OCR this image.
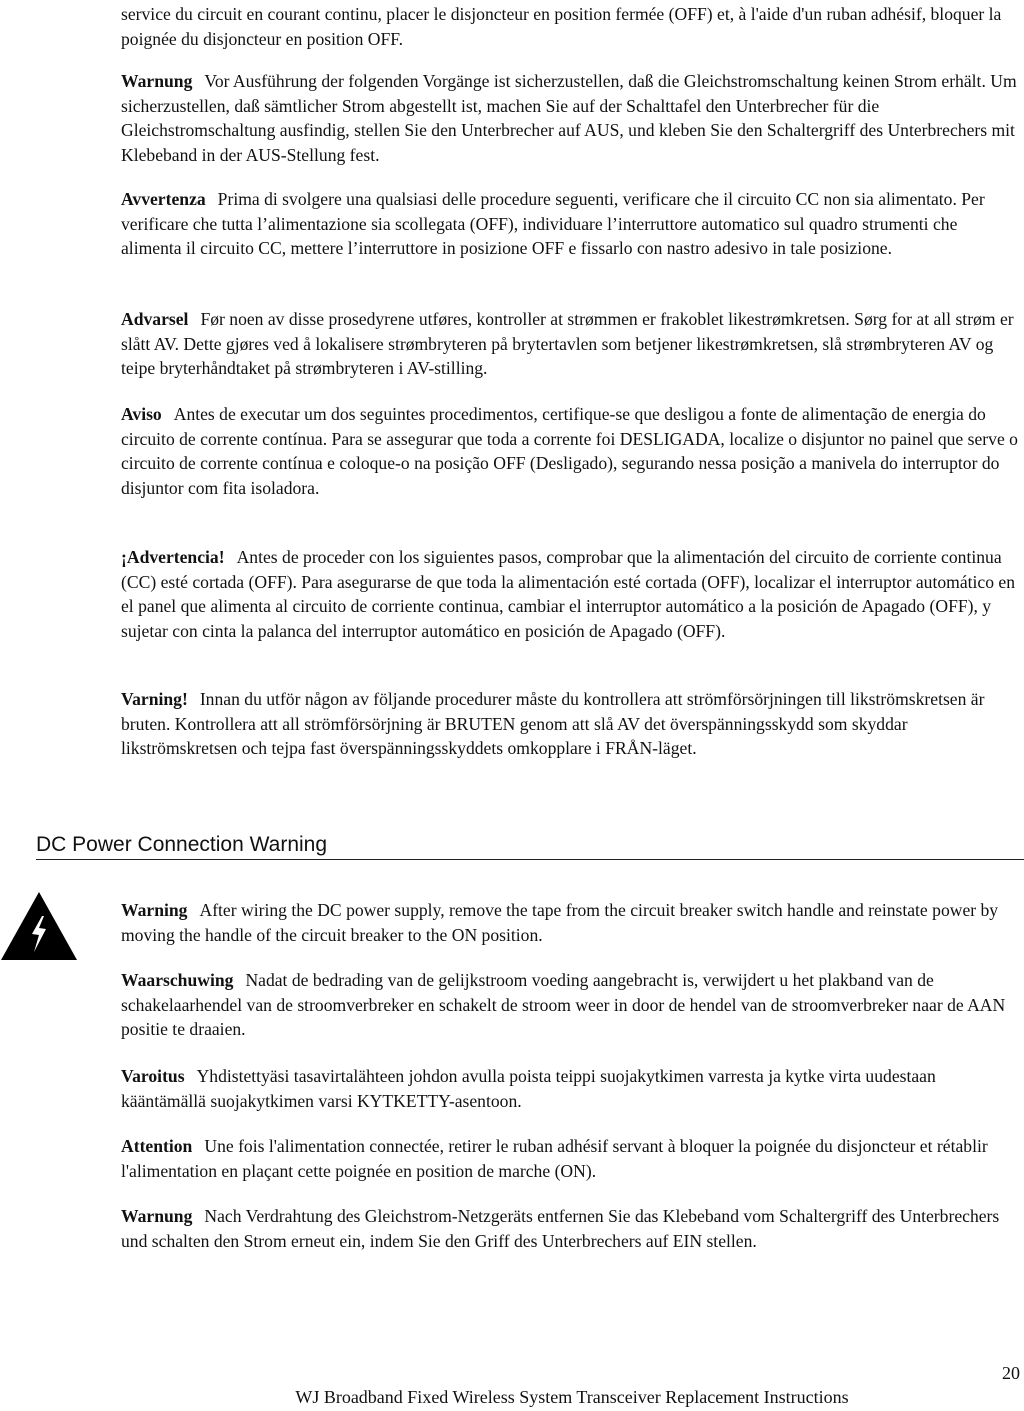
service du circuit en courant continu, placer le disjoncteur en position fermée (OFF) et, à l'aide d'un ruban adhésif, bloquer la poignée du disjoncteur en position OFF.

Warnung Vor Ausführung der folgenden Vorgänge ist sicherzustellen, daß die Gleichstromschaltung keinen Strom erhält. Um sicherzustellen, daß sämtlicher Strom abgestellt ist, machen Sie auf der Schalttafel den Unterbrecher für die Gleichstromschaltung ausfindig, stellen Sie den Unterbrecher auf AUS, und kleben Sie den Schaltergriff des Unterbrechers mit Klebeband in der AUS-Stellung fest.

Avvertenza Prima di svolgere una qualsiasi delle procedure seguenti, verificare che il circuito CC non sia alimentato. Per verificare che tutta l’alimentazione sia scollegata (OFF), individuare l’interruttore automatico sul quadro strumenti che alimenta il circuito CC, mettere l’interruttore in posizione OFF e fissarlo con nastro adesivo in tale posizione.

Advarsel Før noen av disse prosedyrene utføres, kontroller at strømmen er frakoblet likestrømkretsen. Sørg for at all strøm er slått AV. Dette gjøres ved å lokalisere strømbryteren på brytertavlen som betjener likestrømkretsen, slå strømbryteren AV og teipe bryterhåndtaket på strømbryteren i AV-stilling.

Aviso Antes de executar um dos seguintes procedimentos, certifique-se que desligou a fonte de alimentação de energia do circuito de corrente contínua. Para se assegurar que toda a corrente foi DESLIGADA, localize o disjuntor no painel que serve o circuito de corrente contínua e coloque-o na posição OFF (Desligado), segurando nessa posição a manivela do interruptor do disjuntor com fita isoladora.

¡Advertencia! Antes de proceder con los siguientes pasos, comprobar que la alimentación del circuito de corriente continua (CC) esté cortada (OFF). Para asegurarse de que toda la alimentación esté cortada (OFF), localizar el interruptor automático en el panel que alimenta al circuito de corriente continua, cambiar el interruptor automático a la posición de Apagado (OFF), y sujetar con cinta la palanca del interruptor automático en posición de Apagado (OFF).

Varning! Innan du utför någon av följande procedurer måste du kontrollera att strömförsörjningen till likströmskretsen är bruten. Kontrollera att all strömförsörjning är BRUTEN genom att slå AV det överspänningsskydd som skyddar likströmskretsen och tejpa fast överspänningsskyddets omkopplare i FRÅN-läget.

DC Power Connection Warning

Warning After wiring the DC power supply, remove the tape from the circuit breaker switch handle and reinstate power by moving the handle of the circuit breaker to the ON position.

Waarschuwing Nadat de bedrading van de gelijkstroom voeding aangebracht is, verwijdert u het plakband van de schakelaarhendel van de stroomverbreker en schakelt de stroom weer in door de hendel van de stroomverbreker naar de AAN positie te draaien.

Varoitus Yhdistettyäsi tasavirtalähteen johdon avulla poista teippi suojakytkimen varresta ja kytke virta uudestaan kääntämällä suojakytkimen varsi KYTKETTY-asentoon.

Attention Une fois l'alimentation connectée, retirer le ruban adhésif servant à bloquer la poignée du disjoncteur et rétablir l'alimentation en plaçant cette poignée en position de marche (ON).

Warnung Nach Verdrahtung des Gleichstrom-Netzgeräts entfernen Sie das Klebeband vom Schaltergriff des Unterbrechers und schalten den Strom erneut ein, indem Sie den Griff des Unterbrechers auf EIN stellen.

20
WJ Broadband Fixed Wireless System Transceiver Replacement Instructions
